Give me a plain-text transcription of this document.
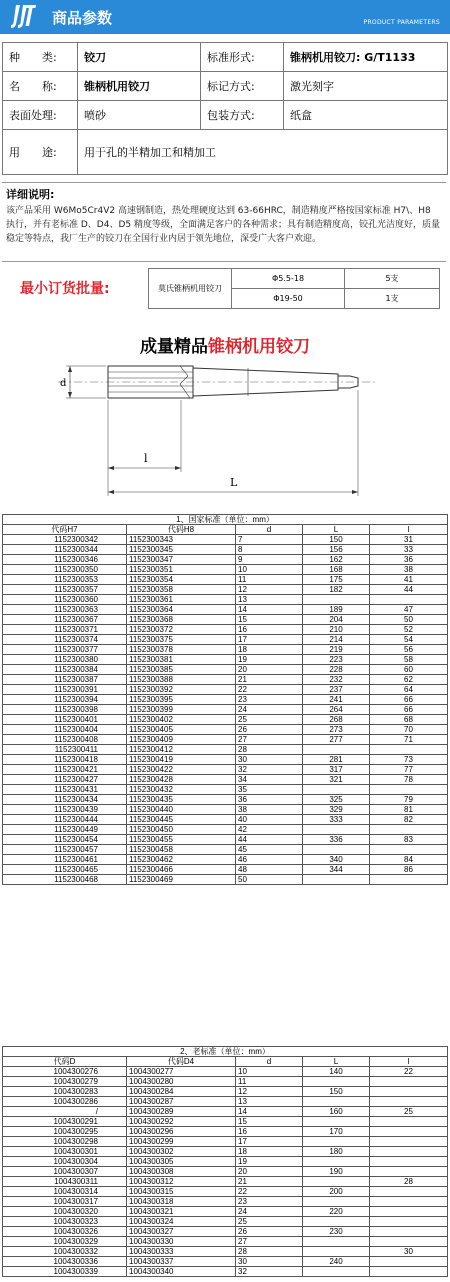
商品参数	PRODUCT PARAMETERS
种　　类:	铰刀	标准形式:	锥柄机用铰刀: G/T1133
名　　称:	锥柄机用铰刀	标记方式:	激光刻字
表面处理:	喷砂	包装方式:	纸盒
用　　途:	用于孔的半精加工和精加工		
详细说明:
该产品采用 W6Mo5Cr4V2 高速钢制造，热处理硬度达到 63-66HRC，制造精度严格按国家标准 H7\、H8 执行，并有老标准 D、D4、D5 精度等级，全面满足客户的各种需求；具有制造精度高，铰孔光洁度好，质量稳定等特点，我厂生产的铰刀在全国行业内居于领先地位，深受广大客户欢迎。
最小订货批量:	莫氏锥柄机用铰刀	Φ5.5-18	5支
	Φ19-50	1支
成量精品锥柄机用铰刀
d
l
L
1、国家标准（单位：mm）				
代码H7	代码H8	d	L	l
1152300342	1152300343	7	150	31
1152300344	1152300345	8	156	33
1152300346	1152300347	9	162	36
1152300350	1152300351	10	168	38
1152300353	1152300354	11	175	41
1152300357	1152300358	12	182	44
1152300360	1152300361	13		
1152300363	1152300364	14	189	47
1152300367	1152300368	15	204	50
1152300371	1152300372	16	210	52
1152300374	1152300375	17	214	54
1152300377	1152300378	18	219	56
1152300380	1152300381	19	223	58
1152300384	1152300385	20	228	60
1152300387	1152300388	21	232	62
1152300391	1152300392	22	237	64
1152300394	1152300395	23	241	66
1152300398	1152300399	24	264	66
1152300401	1152300402	25	268	68
1152300404	1152300405	26	273	70
1152300408	1152300409	27	277	71
1152300411	1152300412	28		
1152300418	1152300419	30	281	73
1152300421	1152300422	32	317	77
1152300427	1152300428	34	321	78
1152300431	1152300432	35		
1152300434	1152300435	36	325	79
1152300439	1152300440	38	329	81
1152300444	1152300445	40	333	82
1152300449	1152300450	42		
1152300454	1152300455	44	336	83
1152300457	1152300458	45		
1152300461	1152300462	46	340	84
1152300465	1152300466	48	344	86
1152300468	1152300469	50		
2、老标准（单位：mm）				
代码D	代码D4	d	L	l
1004300276	1004300277	10	140	22
1004300279	1004300280	11		
1004300283	1004300284	12	150	
1004300286	1004300287	13		
/	1004300289	14	160	25
1004300291	1004300292	15		
1004300295	1004300296	16	170	
1004300298	1004300299	17		
1004300301	1004300302	18	180	
1004300304	1004300305	19		
1004300307	1004300308	20	190	
1004300311	1004300312	21		28
1004300314	1004300315	22	200	
1004300317	1004300318	23		
1004300320	1004300321	24	220	
1004300323	1004300324	25		
1004300326	1004300327	26	230	
1004300329	1004300330	27		
1004300332	1004300333	28		30
1004300336	1004300337	30	240	
1004300339	1004300340	32		
